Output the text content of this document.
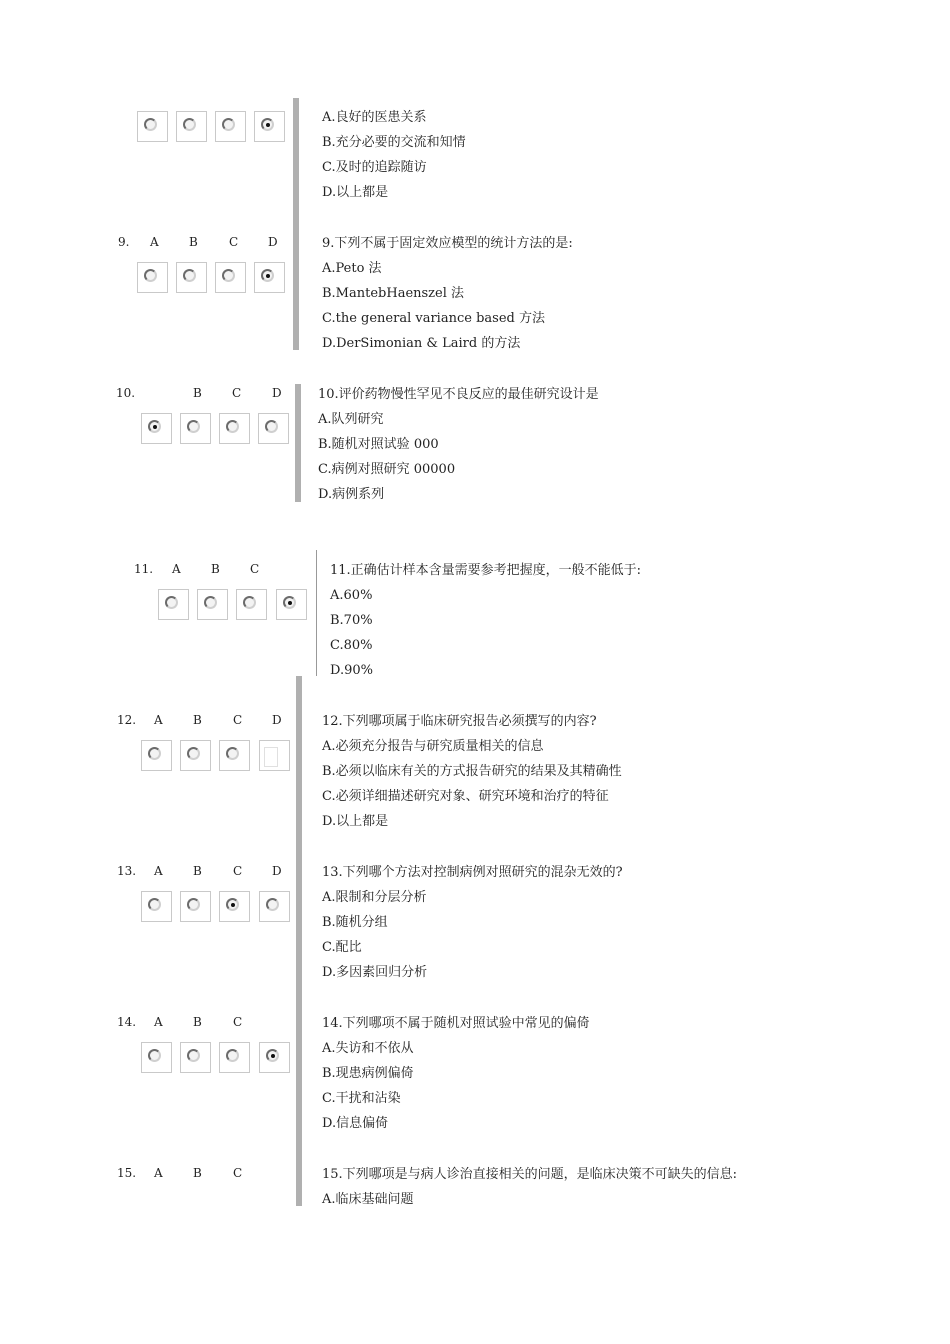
A.良好的医患关系
B.充分必要的交流和知情
C.及时的追踪随访
D.以上都是
9. A	B	C D	9.下列不属于固定效应模型的统计方法的是:
A.Peto 法
B.MantebHaenszel 法
C.the general variance based 方法
D.DerSimonian & Laird 的方法
10.	B	C	D	10.评价药物慢性罕见不良反应的最佳研究设计是
A.队列研究
B.随机对照试验 000
C.病例对照研究 00000
D.病例系列
11. A	B	C	11.正确估计样本含量需要参考把握度，一般不能低于:
A.60%
B.70%
C.80%
D.90%
12. A	B	C D	12.下列哪项属于临床研究报告必须撰写的内容?
A.必须充分报告与研究质量相关的信息
B.必须以临床有关的方式报告研究的结果及其精确性
C.必须详细描述研究对象、研究环境和治疗的特征
D.以上都是
13. A	B	C D	13.下列哪个方法对控制病例对照研究的混杂无效的?
A.限制和分层分析
B.随机分组
C.配比
D.多因素回归分析
14. A	B	C	14.下列哪项不属于随机对照试验中常见的偏倚
A.失访和不依从
B.现患病例偏倚
C.干扰和沾染
D.信息偏倚
15. A	B	C	15.下列哪项是与病人诊治直接相关的问题，是临床决策不可缺失的信息:
A.临床基础问题
